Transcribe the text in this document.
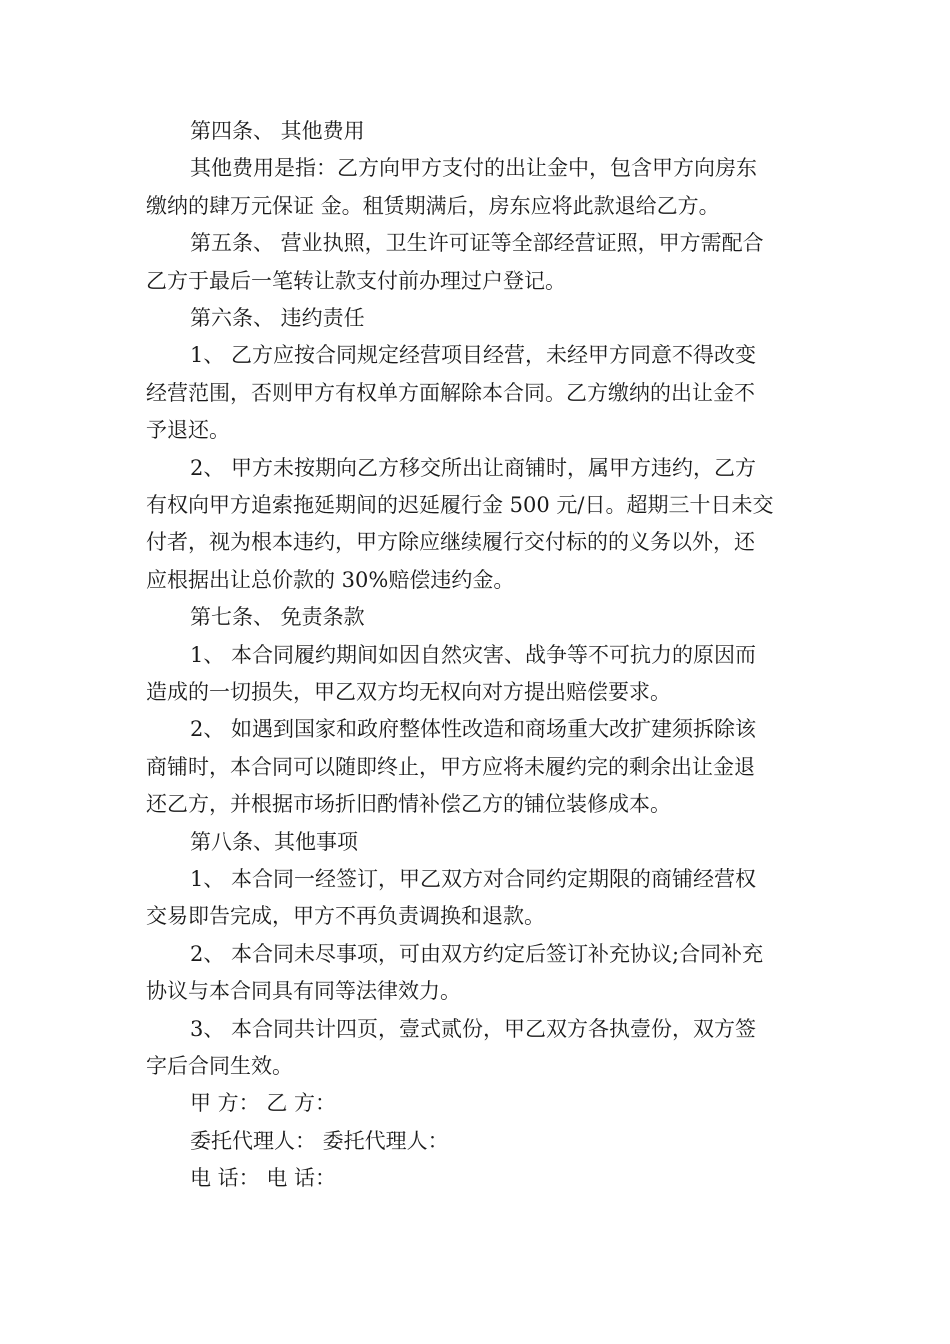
第四条、 其他费用
其他费用是指：乙方向甲方支付的出让金中，包含甲方向房东
缴纳的肆万元保证 金。租赁期满后，房东应将此款退给乙方。
第五条、 营业执照，卫生许可证等全部经营证照，甲方需配合
乙方于最后一笔转让款支付前办理过户登记。
第六条、 违约责任
1、 乙方应按合同规定经营项目经营，未经甲方同意不得改变
经营范围，否则甲方有权单方面解除本合同。乙方缴纳的出让金不
予退还。
2、 甲方未按期向乙方移交所出让商铺时，属甲方违约，乙方
有权向甲方追索拖延期间的迟延履行金 500 元/日。超期三十日未交
付者，视为根本违约，甲方除应继续履行交付标的的义务以外，还
应根据出让总价款的 30%赔偿违约金。
第七条、 免责条款
1、 本合同履约期间如因自然灾害、战争等不可抗力的原因而
造成的一切损失，甲乙双方均无权向对方提出赔偿要求。
2、 如遇到国家和政府整体性改造和商场重大改扩建须拆除该
商铺时，本合同可以随即终止，甲方应将未履约完的剩余出让金退
还乙方，并根据市场折旧酌情补偿乙方的铺位装修成本。
第八条、其他事项
1、 本合同一经签订，甲乙双方对合同约定期限的商铺经营权
交易即告完成，甲方不再负责调换和退款。
2、 本合同未尽事项，可由双方约定后签订补充协议;合同补充
协议与本合同具有同等法律效力。
3、 本合同共计四页，壹式贰份，甲乙双方各执壹份，双方签
字后合同生效。
甲 方： 乙 方：
委托代理人： 委托代理人：
电 话： 电 话：
